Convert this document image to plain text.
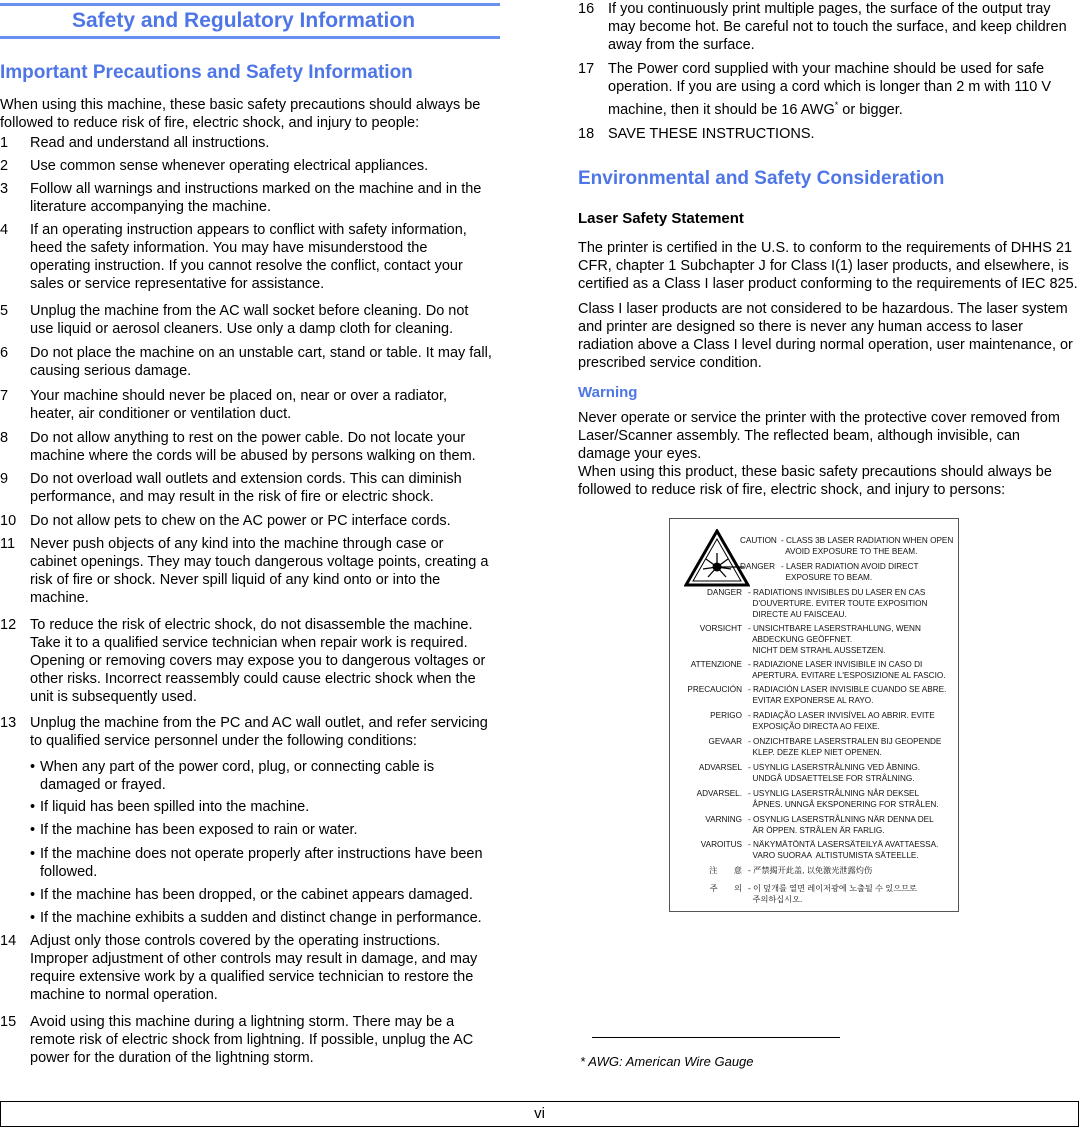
Safety and Regulatory Information
Important Precautions and Safety Information
When using this machine, these basic safety precautions should always be
followed to reduce risk of fire, electric shock, and injury to people:
1 Read and understand all instructions.
2 Use common sense whenever operating electrical appliances.
3 Follow all warnings and instructions marked on the machine and in the
literature accompanying the machine.
4 If an operating instruction appears to conflict with safety information,
heed the safety information. You may have misunderstood the
operating instruction. If you cannot resolve the conflict, contact your
sales or service representative for assistance.
5 Unplug the machine from the AC wall socket before cleaning. Do not
use liquid or aerosol cleaners. Use only a damp cloth for cleaning.
6 Do not place the machine on an unstable cart, stand or table. It may fall,
causing serious damage.
7 Your machine should never be placed on, near or over a radiator,
heater, air conditioner or ventilation duct.
8 Do not allow anything to rest on the power cable. Do not locate your
machine where the cords will be abused by persons walking on them.
9 Do not overload wall outlets and extension cords. This can diminish
performance, and may result in the risk of fire or electric shock.
10 Do not allow pets to chew on the AC power or PC interface cords.
11 Never push objects of any kind into the machine through case or
cabinet openings. They may touch dangerous voltage points, creating a
risk of fire or shock. Never spill liquid of any kind onto or into the
machine.
12 To reduce the risk of electric shock, do not disassemble the machine.
Take it to a qualified service technician when repair work is required.
Opening or removing covers may expose you to dangerous voltages or
other risks. Incorrect reassembly could cause electric shock when the
unit is subsequently used.
13 Unplug the machine from the PC and AC wall outlet, and refer servicing
to qualified service personnel under the following conditions:
• When any part of the power cord, plug, or connecting cable is
damaged or frayed.
• If liquid has been spilled into the machine.
• If the machine has been exposed to rain or water.
• If the machine does not operate properly after instructions have been
followed.
• If the machine has been dropped, or the cabinet appears damaged.
• If the machine exhibits a sudden and distinct change in performance.
14 Adjust only those controls covered by the operating instructions.
Improper adjustment of other controls may result in damage, and may
require extensive work by a qualified service technician to restore the
machine to normal operation.
15 Avoid using this machine during a lightning storm. There may be a
remote risk of electric shock from lightning. If possible, unplug the AC
power for the duration of the lightning storm.
16 If you continuously print multiple pages, the surface of the output tray
may become hot. Be careful not to touch the surface, and keep children
away from the surface.
17 The Power cord supplied with your machine should be used for safe
operation. If you are using a cord which is longer than 2 m with 110 V
machine, then it should be 16 AWG* or bigger.
18 SAVE THESE INSTRUCTIONS.
Environmental and Safety Consideration
Laser Safety Statement
The printer is certified in the U.S. to conform to the requirements of DHHS 21
CFR, chapter 1 Subchapter J for Class I(1) laser products, and elsewhere, is
certified as a Class I laser product conforming to the requirements of IEC 825.
Class I laser products are not considered to be hazardous. The laser system
and printer are designed so there is never any human access to laser
radiation above a Class I level during normal operation, user maintenance, or
prescribed service condition.
Warning
Never operate or service the printer with the protective cover removed from
Laser/Scanner assembly. The reflected beam, although invisible, can
damage your eyes.
When using this product, these basic safety precautions should always be
followed to reduce risk of fire, electric shock, and injury to persons:
CAUTION - CLASS 3B LASER RADIATION WHEN OPEN
AVOID EXPOSURE TO THE BEAM.
DANGER - LASER RADIATION AVOID DIRECT
EXPOSURE TO BEAM.
DANGER - RADIATIONS INVISIBLES DU LASER EN CAS
D'OUVERTURE. EVITER TOUTE EXPOSITION
DIRECTE AU FAISCEAU.
VORSICHT - UNSICHTBARE LASERSTRAHLUNG, WENN
ABDECKUNG GEÖFFNET.
NICHT DEM STRAHL AUSSETZEN.
ATTENZIONE - RADIAZIONE LASER INVISIBILE IN CASO DI
APERTURA. EVITARE L'ESPOSIZIONE AL FASCIO.
PRECAUCIÓN - RADIACIÓN LASER INVISIBLE CUANDO SE ABRE.
EVITAR EXPONERSE AL RAYO.
PERIGO - RADIAÇÃO LASER INVISÍVEL AO ABRIR. EVITE
EXPOSIÇÃO DIRECTA AO FEIXE.
GEVAAR - ONZICHTBARE LASERSTRALEN BIJ GEOPENDE
KLEP. DEZE KLEP NIET OPENEN.
ADVARSEL - USYNLIG LASERSTRÅLNING VED ÅBNING.
UNDGÅ UDSAETTELSE FOR STRÅLNING.
ADVARSEL. - USYNLIG LASERSTRÅLNING NÅR DEKSEL
ÅPNES. UNNGÅ EKSPONERING FOR STRÅLEN.
VARNING - OSYNLIG LASERSTRÅLNING NÄR DENNA DEL
ÄR ÖPPEN. STRÅLEN ÄR FARLIG.
VAROITUS - NÄKYMÄTÖNTÄ LASERSÄTEILYÄ AVATTAESSA.
VARO SUORAA  ALTISTUMISTA SÄTEELLE.
注　　意 - 严禁揭开此盖, 以免激光泄露灼伤
주　　의 - 이 덮개를 열면 레이저광에 노출될 수 있으므로
주의하십시오.
* AWG: American Wire Gauge
vi
